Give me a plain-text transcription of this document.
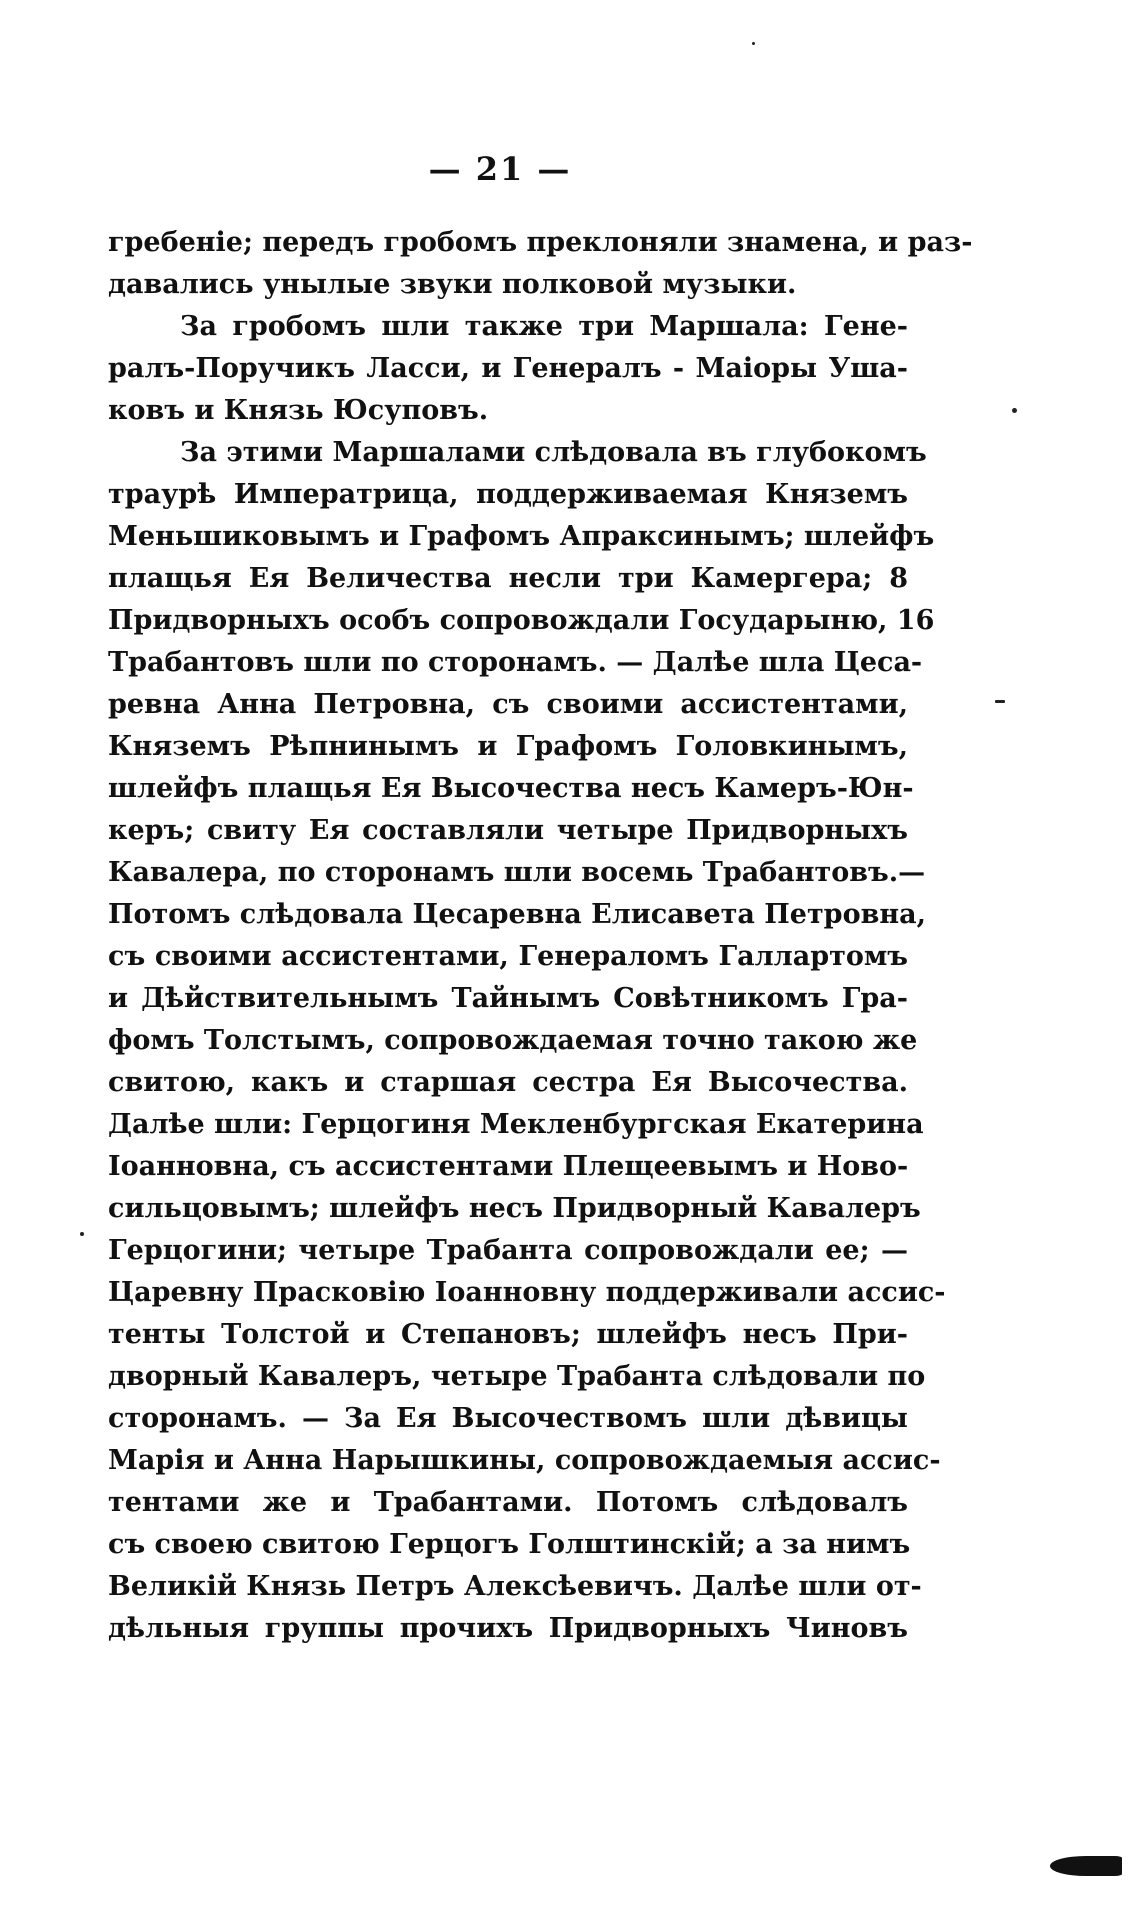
— 21 —
гребеніе; передъ гробомъ преклоняли знамена, и раз-
давались унылые звуки полковой музыки.
За гробомъ шли также три Маршала: Гене-
ралъ-Поручикъ Ласси, и Генералъ - Маіоры Ушa-
ковъ и Князь Юсуповъ.
За этими Маршалами слѣдовала въ глубокомъ
траурѣ Императрица, поддерживаемая Княземъ
Меньшиковымъ и Графомъ Апраксинымъ; шлейфъ
плащья Ея Величества несли три Камергера; 8
Придворныхъ особъ сопровождали Государыню, 16
Трабантовъ шли по сторонамъ. — Далѣе шла Цеса-
ревна Анна Петровна, съ своими ассистентами,
Княземъ Рѣпнинымъ и Графомъ Головкинымъ,
шлейфъ плащья Ея Высочества несъ Камеръ-Юн-
керъ; свиту Ея составляли четыре Придворныхъ
Кавалера, по сторонамъ шли восемь Трабантовъ.—
Потомъ слѣдовала Цесаревна Елисавета Петровна,
съ своими ассистентами, Генераломъ Галлартомъ
и Дѣйствительнымъ Тайнымъ Совѣтникомъ Гра-
фомъ Толстымъ, сопровождаемая точно такою же
свитою, какъ и старшая сестра Ея Высочества.
Далѣе шли: Герцогиня Мекленбургская Екатерина
Іоанновна, съ ассистентами Плещеевымъ и Ново-
сильцовымъ; шлейфъ несъ Придворный Кавалеръ
Герцогини; четыре Трабанта сопровождали ее; —
Царевну Прасковію Іоанновну поддерживали ассис-
тенты Толстой и Степановъ; шлейфъ несъ При-
дворный Кавалеръ, четыре Трабанта слѣдовали по
сторонамъ. — За Ея Высочествомъ шли дѣвицы
Марія и Анна Нарышкины, сопровождаемыя ассис-
тентами же и Трабантами. Потомъ слѣдовалъ
съ своею свитою Герцогъ Голштинскій; а за нимъ
Великій Князь Петръ Алексѣевичъ. Далѣе шли от-
дѣльныя группы прочихъ Придворныхъ Чиновъ
